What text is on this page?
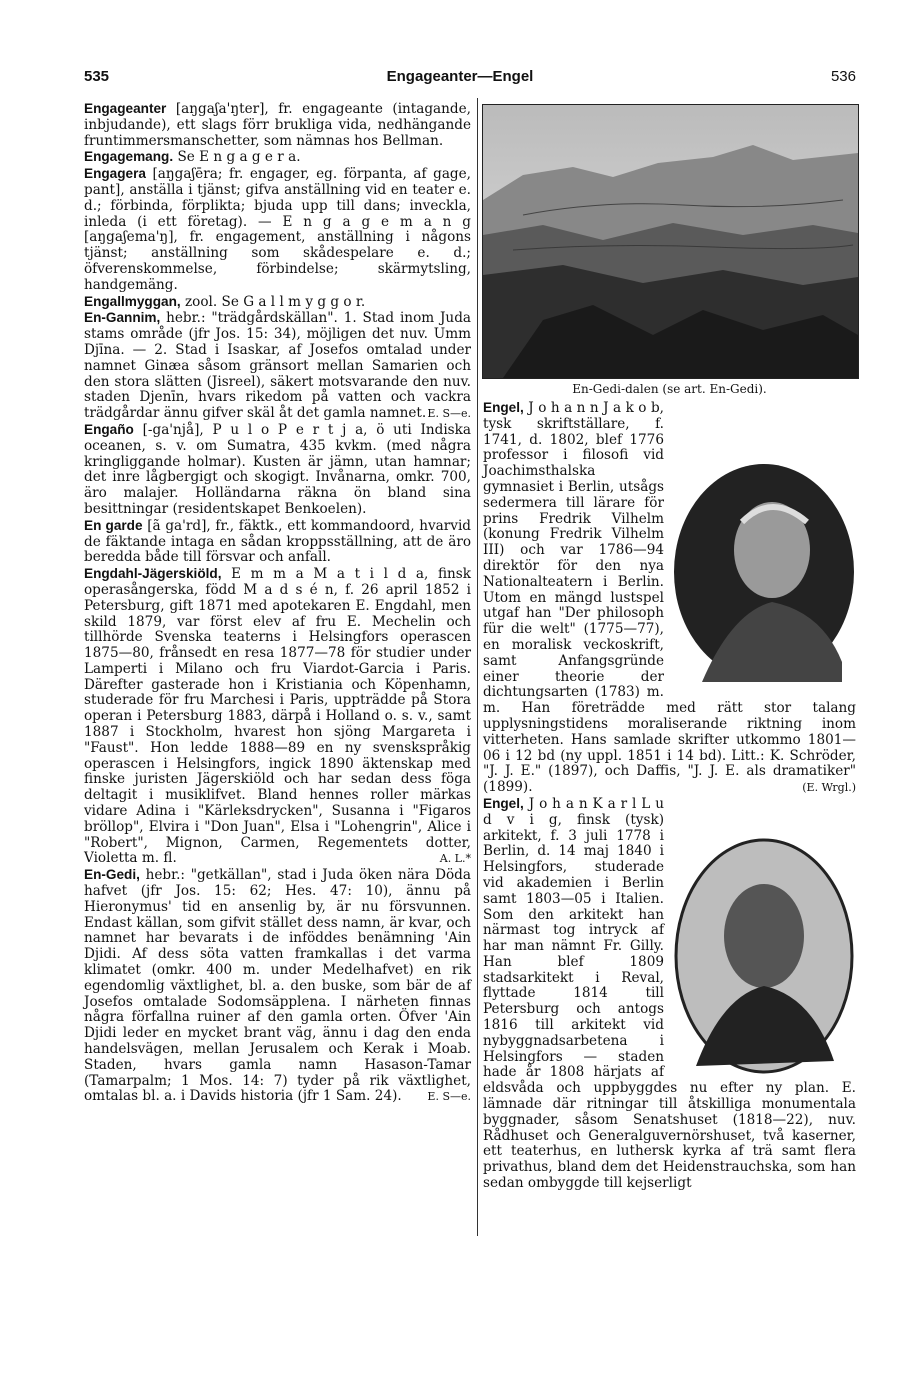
535	Engageanter—Engel	536
En-Gedi-dalen (se art. En-Gedi).

Engageanter [aŋgaʃa'ŋter], fr. engageante (intagande, inbjudande), ett slags förr brukliga vida, nedhängande fruntimmersmanschetter, som nämnas hos Bellman.

Engagemang. Se E n g a g e r a.

Engagera [aŋgaʃēra; fr. engager, eg. förpanta, af gage, pant], anställa i tjänst; gifva anställning vid en teater e. d.; förbinda, förplikta; bjuda upp till dans; inveckla, inleda (i ett företag). — E n g a g e m a n g [aŋgaʃema'ŋ], fr. engagement, anställning i någons tjänst; anställning som skådespelare e. d.; öfverenskommelse, förbindelse; skärmytsling, handgemäng.

Engallmyggan, zool. Se G a l l m y g g o r.

En-Gannim, hebr.: "trädgårdskällan". 1. Stad inom Juda stams område (jfr Jos. 15: 34), möjligen det nuv. Umm Djīna. — 2. Stad i Isaskar, af Josefos omtalad under namnet Ginæa såsom gränsort mellan Samarien och den stora slätten (Jisreel), säkert motsvarande den nuv. staden Djenīn, hvars rikedom på vatten och vackra trädgårdar ännu gifver skäl åt det gamla namnet. E. S—e.

Engaño [-ga'njå], P u l o P e r t j a, ö uti Indiska oceanen, s. v. om Sumatra, 435 kvkm. (med några kringliggande holmar). Kusten är jämn, utan hamnar; det inre lågbergigt och skogigt. Invånarna, omkr. 700, äro malajer. Holländarna räkna ön bland sina besittningar (residentskapet Benkoelen).

En garde [ã ga'rd], fr., fäktk., ett kommandoord, hvarvid de fäktande intaga en sådan kroppsställning, att de äro beredda både till försvar och anfall.

Engdahl-Jägerskiöld, E m m a M a t i l d a, finsk operasångerska, född M a d s é n, f. 26 april 1852 i Petersburg, gift 1871 med apotekaren E. Engdahl, men skild 1879, var först elev af fru E. Mechelin och tillhörde Svenska teaterns i Helsingfors operascen 1875—80, frånsedt en resa 1877—78 för studier under Lamperti i Milano och fru Viardot-Garcia i Paris. Därefter gasterade hon i Kristiania och Köpenhamn, studerade för fru Marchesi i Paris, uppträdde på Stora operan i Petersburg 1883, därpå i Holland o. s. v., samt 1887 i Stockholm, hvarest hon sjöng Margareta i "Faust". Hon ledde 1888—89 en ny svenskspråkig operascen i Helsingfors, ingick 1890 äktenskap med finske juristen Jägerskiöld och har sedan dess föga deltagit i musiklifvet. Bland hennes roller märkas vidare Adina i "Kärleksdrycken", Susanna i "Figaros bröllop", Elvira i "Don Juan", Elsa i "Lohengrin", Alice i "Robert", Mignon, Carmen, Regementets dotter, Violetta m. fl.	A. L.*

En-Gedi, hebr.: "getkällan", stad i Juda öken nära Döda hafvet (jfr Jos. 15: 62; Hes. 47: 10), ännu på Hieronymus' tid en ansenlig by, är nu försvunnen. Endast källan, som gifvit stället dess namn, är kvar, och namnet har bevarats i de inföddes benämning 'Ain Djidi. Af dess söta vatten framkallas i det varma klimatet (omkr. 400 m. under Medelhafvet) en rik egendomlig växtlighet, bl. a. den buske, som bär de af Josefos omtalade Sodomsäpplena. I närheten finnas några förfallna ruiner af den gamla orten. Öfver 'Ain Djidi leder en mycket brant väg, ännu i dag den enda handelsvägen, mellan Jerusalem och Kerak i Moab. Staden, hvars gamla namn Hasason-Tamar (Tamarpalm; 1 Mos. 14: 7) tyder på rik växtlighet, omtalas bl. a. i Davids historia (jfr 1 Sam. 24). E. S—e.

Engel, J o h a n n J a k o b, tysk skriftställare, f. 1741, d. 1802, blef 1776 professor i filosofi vid Joachimsthalska gymnasiet i Berlin, utsågs sedermera till lärare för prins Fredrik Vilhelm (konung Fredrik Vilhelm III) och var 1786—94 direktör för den nya Nationalteatern i Berlin. Utom en mängd lustspel utgaf han "Der philosoph für die welt" (1775—77), en moralisk veckoskrift, samt Anfangsgründe einer theorie der dichtungsarten (1783) m. m. Han företrädde med rätt stor talang upplysningstidens moraliserande riktning inom vitterheten. Hans samlade skrifter utkommo 1801—06 i 12 bd (ny uppl. 1851 i 14 bd). Litt.: K. Schröder, "J. J. E." (1897), och Daffis, "J. J. E. als dramatiker" (1899).	(E. Wrgl.)

Engel, J o h a n K a r l L u d v i g, finsk (tysk) arkitekt, f. 3 juli 1778 i Berlin, d. 14 maj 1840 i Helsingfors, studerade vid akademien i Berlin samt 1803—05 i Italien. Som den arkitekt han närmast tog intryck af har man nämnt Fr. Gilly. Han blef 1809 stadsarkitekt i Reval, flyttade 1814 till Petersburg och antogs 1816 till arkitekt vid nybyggnadsarbetena i Helsingfors — staden hade år 1808 härjats af eldsvåda och uppbyggdes nu efter ny plan. E. lämnade där ritningar till åtskilliga monumentala byggnader, såsom Senatshuset (1818—22), nuv. Rådhuset och Generalguvernörshuset, två kaserner, ett teaterhus, en luthersk kyrka af trä samt flera privathus, bland dem det Heidenstrauchska, som han sedan ombyggde till kejserligt
